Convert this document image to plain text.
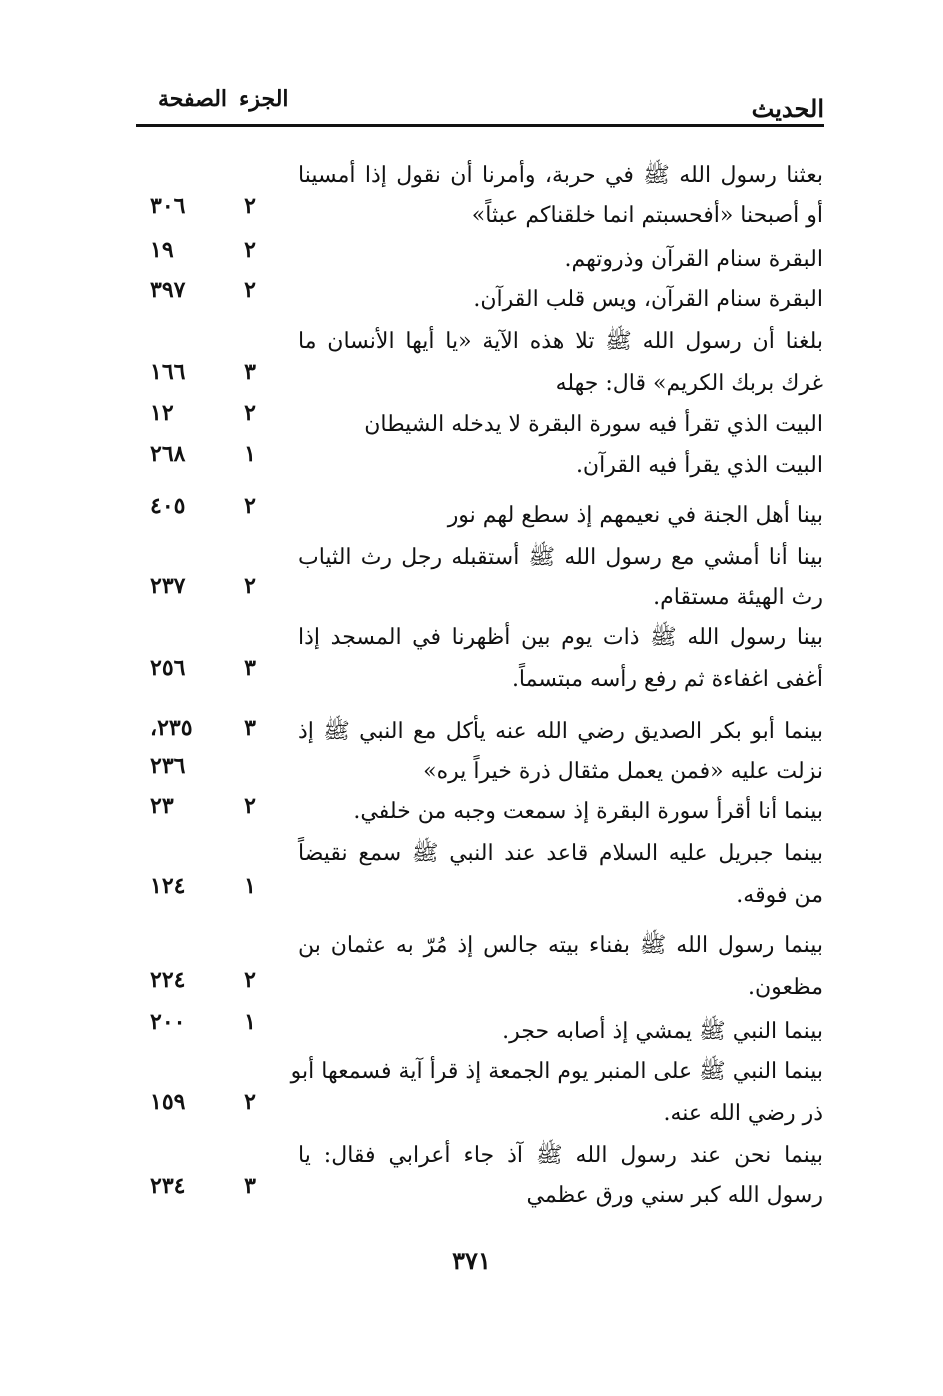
الجزءالصفحة	الحديث
بعثنا رسول الله ﷺ في حربة، وأمرنا أن نقول إذا أمسينا
أو أصبحنا «أفحسبتم انما خلقناكم عبثاً»
٢
٣٠٦
البقرة سنام القرآن وذروتهم.
٢
١٩
البقرة سنام القرآن، ويس قلب القرآن.
٢
٣٩٧
بلغنا أن رسول الله ﷺ تلا هذه الآية «يا أيها الأنسان ما
غرك بربك الكريم» قال: جهله
٣
١٦٦
البيت الذي تقرأ فيه سورة البقرة لا يدخله الشيطان
٢
١٢
البيت الذي يقرأ فيه القرآن.
١
٢٦٨
بينا أهل الجنة في نعيمهم إذ سطع لهم نور
٢
٤٠٥
بينا أنا أمشي مع رسول الله ﷺ أستقبله رجل رث الثياب
رث الهيئة مستقام.
٢
٢٣٧
بينا رسول الله ﷺ ذات يوم بين أظهرنا في المسجد إذا
أغفى اغفاءة ثم رفع رأسه مبتسماً.
٣
٢٥٦
بينما أبو بكر الصديق رضي الله عنه يأكل مع النبي ﷺ إذ
نزلت عليه «فمن يعمل مثقال ذرة خيراً يره»
٣
٢٣٥،
٢٣٦
بينما أنا أقرأ سورة البقرة إذ سمعت وجبه من خلفي.
٢
٢٣
بينما جبريل عليه السلام قاعد عند النبي ﷺ سمع نقيضاً
من فوقه.
١
١٢٤
بينما رسول الله ﷺ بفناء بيته جالس إذ مُرّ به عثمان بن
مظعون.
٢
٢٢٤
بينما النبي ﷺ يمشي إذ أصابه حجر.
١
٢٠٠
بينما النبي ﷺ على المنبر يوم الجمعة إذ قرأ آية فسمعها أبو
ذر رضي الله عنه.
٢
١٥٩
بينما نحن عند رسول الله ﷺ آذ جاء أعرابي فقال: يا
رسول الله كبر سني ورق عظمي
٣
٢٣٤
٣٧١
